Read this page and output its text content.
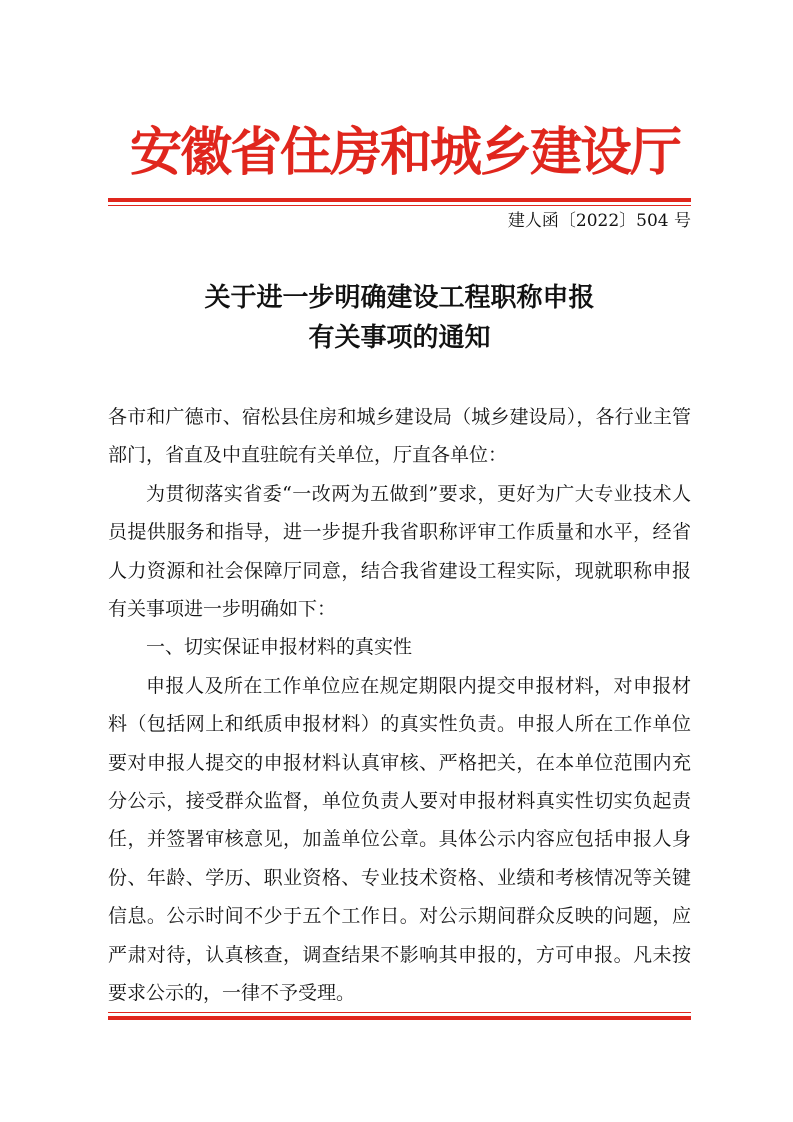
安徽省住房和城乡建设厅
建人函〔2022〕504 号
关于进一步明确建设工程职称申报
有关事项的通知

各市和广德市、宿松县住房和城乡建设局（城乡建设局），各行业主管部门，省直及中直驻皖有关单位，厅直各单位：

为贯彻落实省委“一改两为五做到”要求，更好为广大专业技术人员提供服务和指导，进一步提升我省职称评审工作质量和水平，经省人力资源和社会保障厅同意，结合我省建设工程实际，现就职称申报有关事项进一步明确如下：

一、切实保证申报材料的真实性

申报人及所在工作单位应在规定期限内提交申报材料，对申报材料（包括网上和纸质申报材料）的真实性负责。申报人所在工作单位要对申报人提交的申报材料认真审核、严格把关，在本单位范围内充分公示，接受群众监督，单位负责人要对申报材料真实性切实负起责任，并签署审核意见，加盖单位公章。具体公示内容应包括申报人身份、年龄、学历、职业资格、专业技术资格、业绩和考核情况等关键信息。公示时间不少于五个工作日。对公示期间群众反映的问题，应严肃对待，认真核查，调查结果不影响其申报的，方可申报。凡未按要求公示的，一律不予受理。
